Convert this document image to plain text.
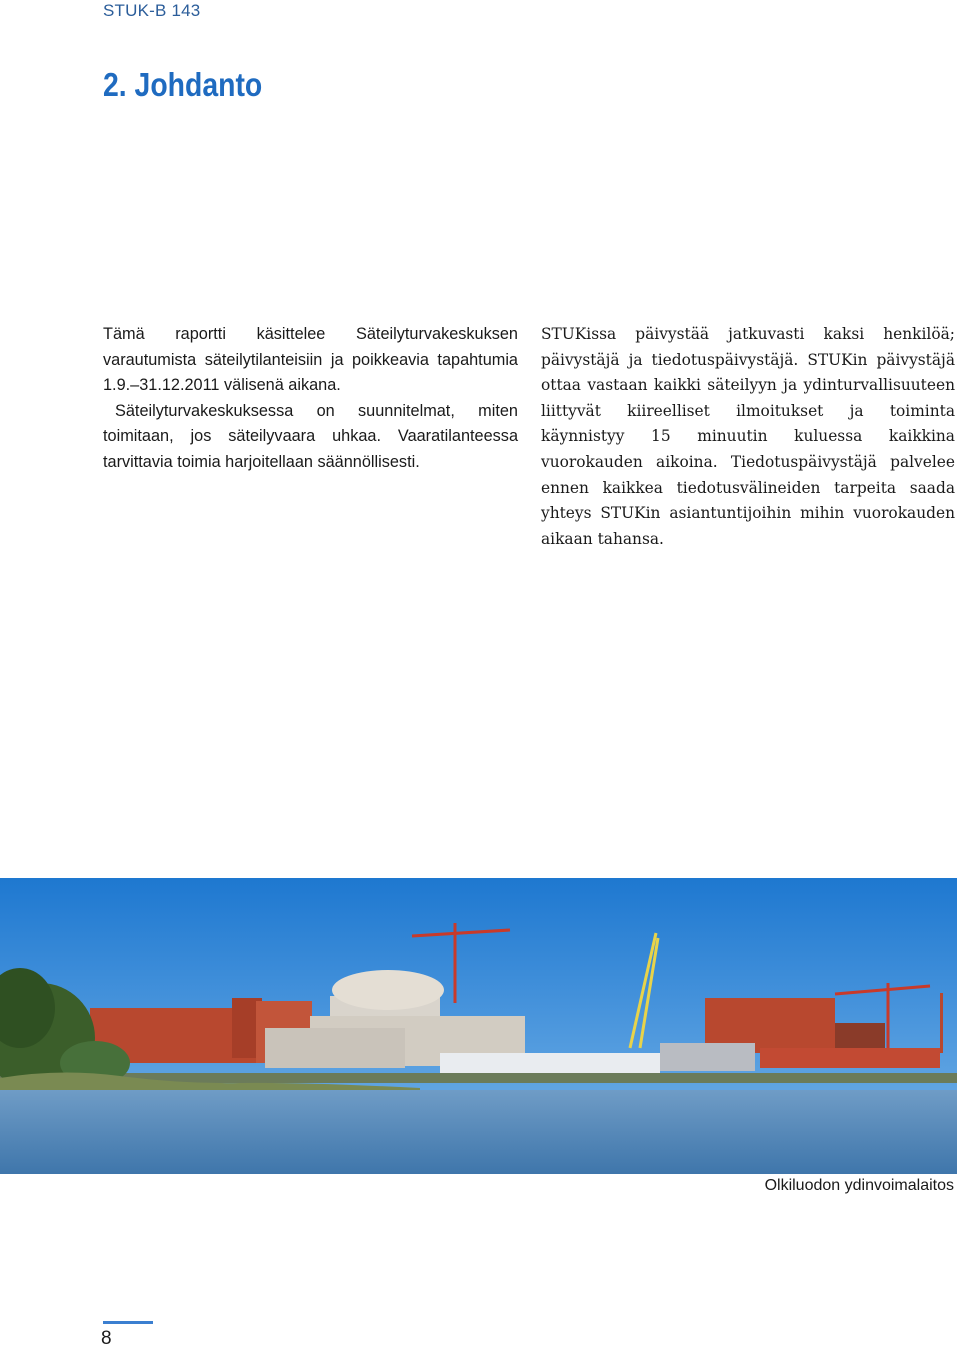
STUK-B 143
2. Johdanto

Tämä raportti käsittelee Säteilyturvakeskuksen varautumista säteilytilanteisiin ja poikkeavia tapahtumia 1.9.–31.12.2011 välisenä aikana.

Säteilyturvakeskuksessa on suunnitelmat, miten toimitaan, jos säteilyvaara uhkaa. Vaaratilanteessa tarvittavia toimia harjoitellaan säännöllisesti.

STUKissa päivystää jatkuvasti kaksi henkilöä; päivystäjä ja tiedotuspäivystäjä. STUKin päivystäjä ottaa vastaan kaikki säteilyyn ja ydinturvallisuuteen liittyvät kiireelliset ilmoitukset ja toiminta käynnistyy 15 minuutin kuluessa kaikkina vuorokauden aikoina. Tiedotuspäivystäjä palvelee ennen kaikkea tiedotusvälineiden tarpeita saada yhteys STUKin asiantuntijoihin mihin vuorokauden aikaan tahansa.

Olkiluodon ydinvoimalaitos
8
